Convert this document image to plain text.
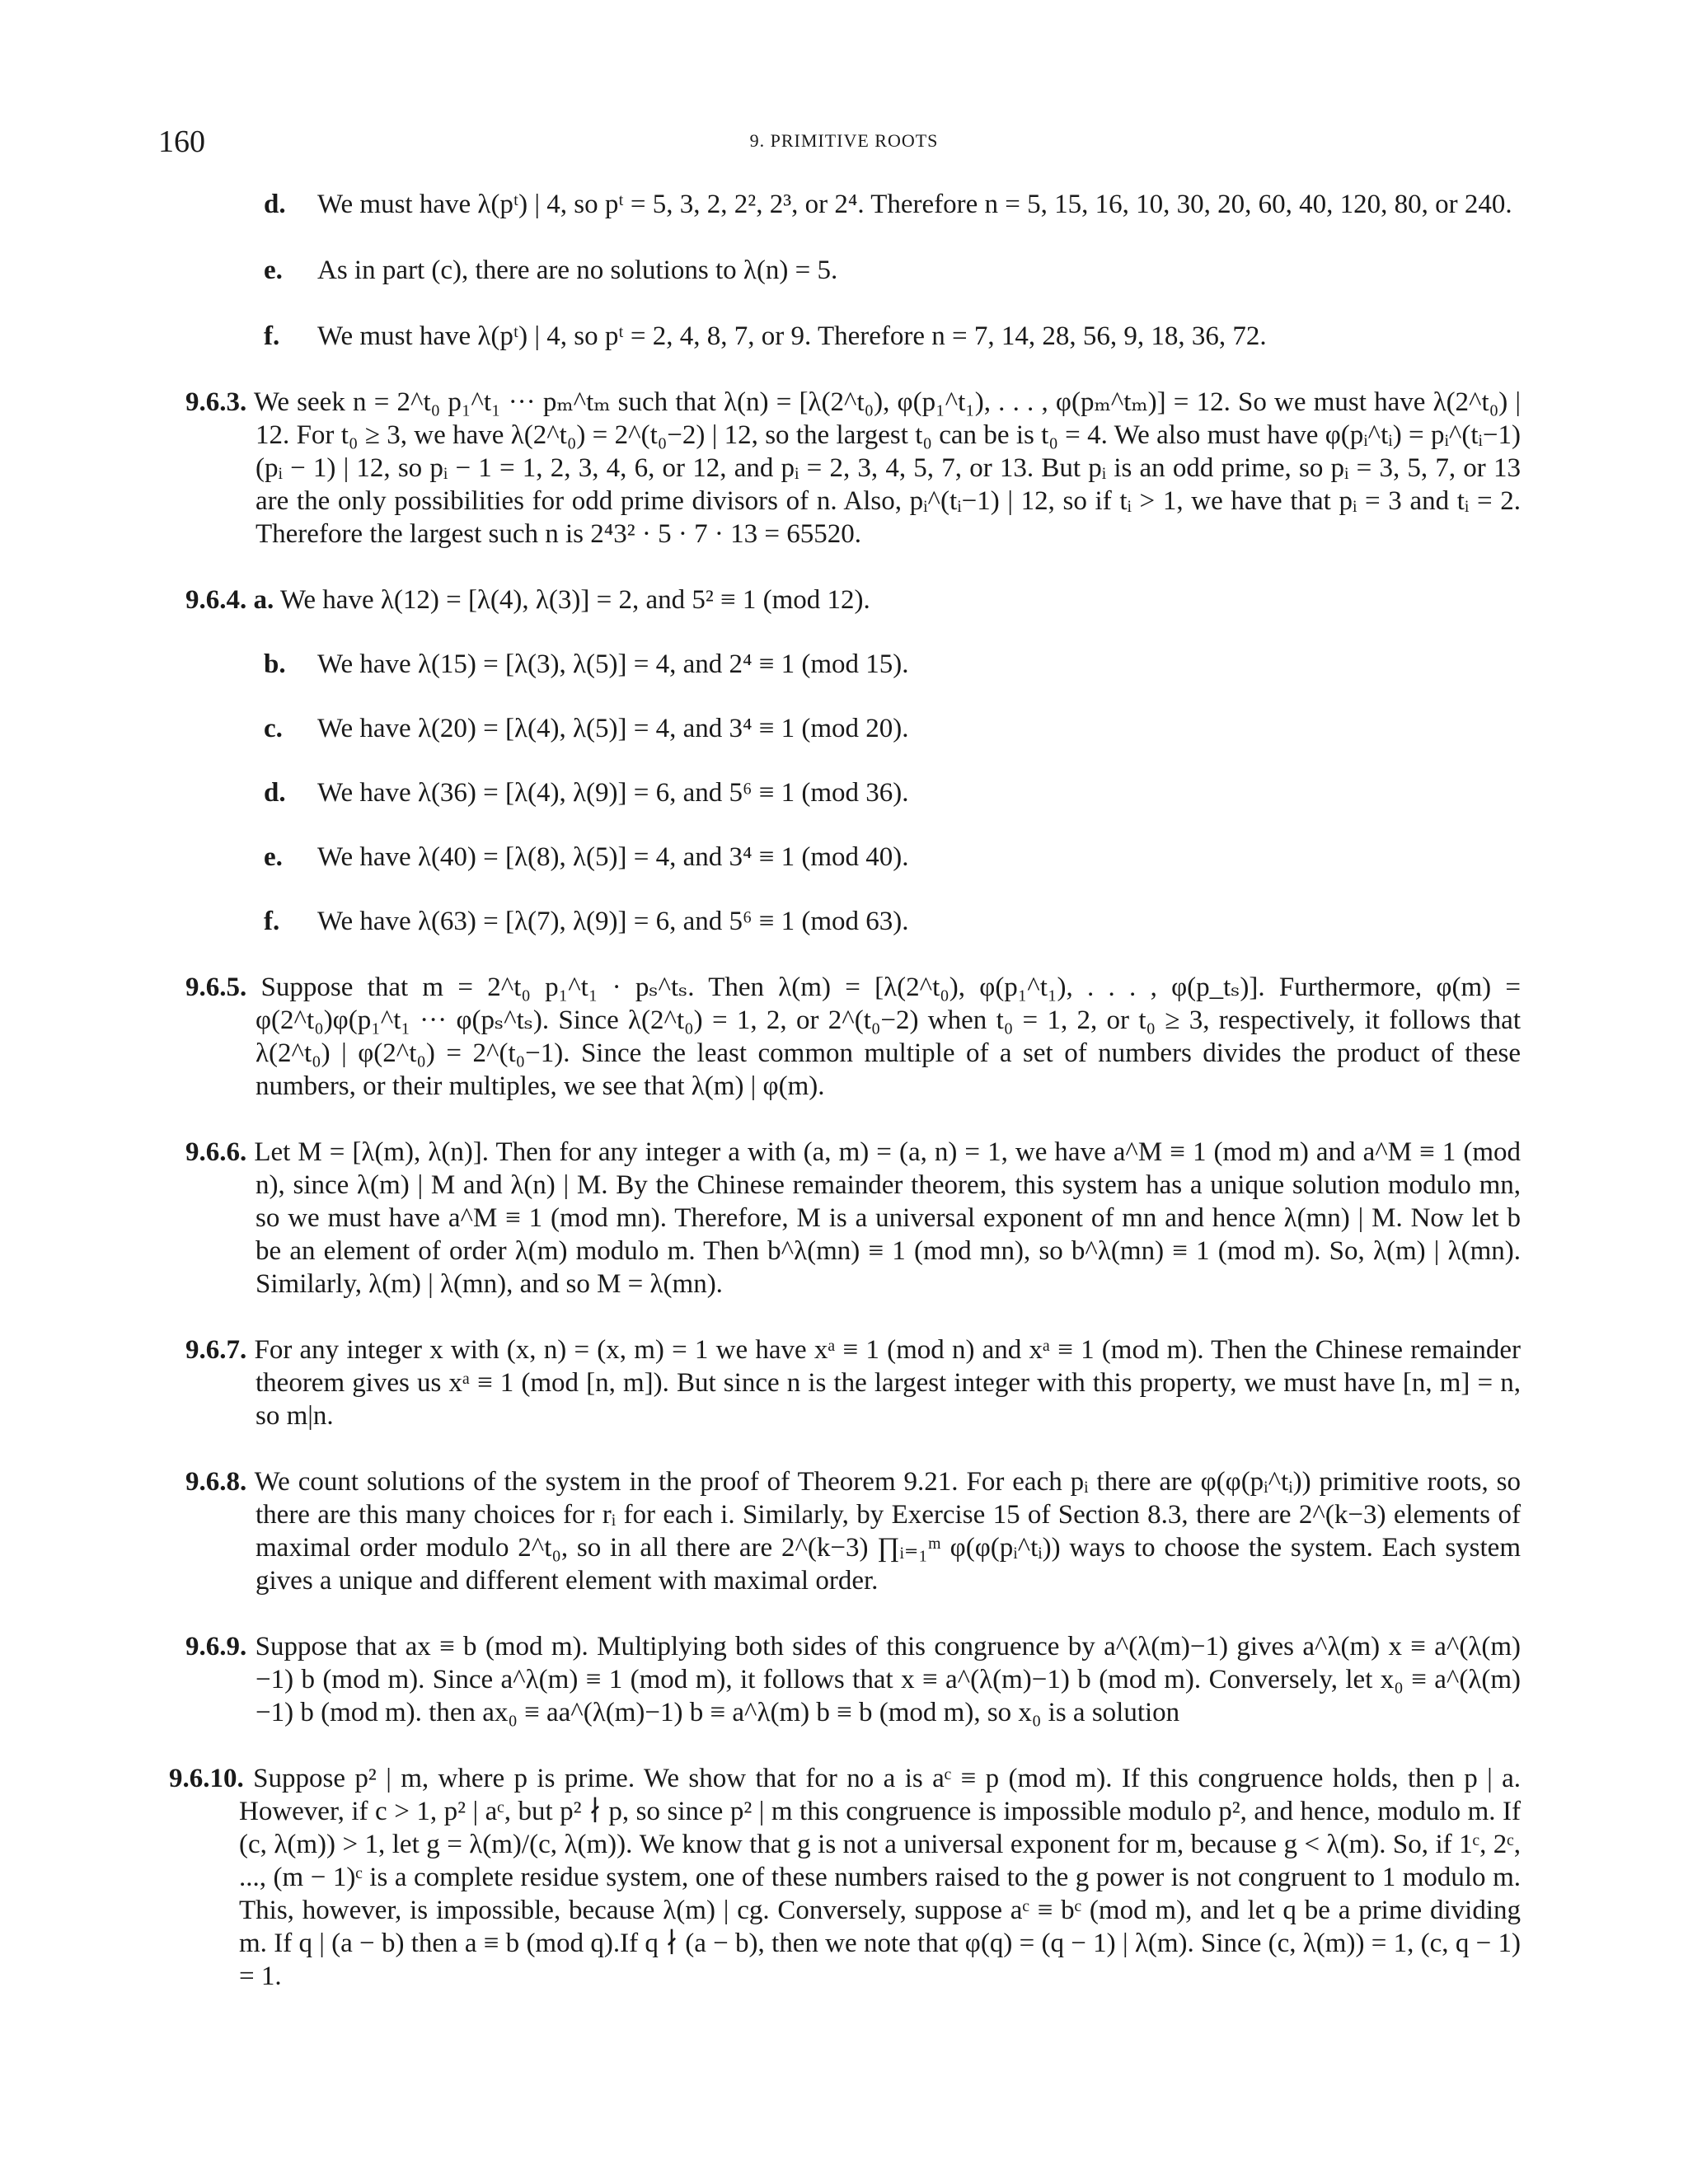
160	9. PRIMITIVE ROOTS
d. We must have λ(pᵗ) | 4, so pᵗ = 5, 3, 2, 2², 2³, or 2⁴. Therefore n = 5, 15, 16, 10, 30, 20, 60, 40, 120, 80, or 240.
e. As in part (c), there are no solutions to λ(n) = 5.
f. We must have λ(pᵗ) | 4, so pᵗ = 2, 4, 8, 7, or 9. Therefore n = 7, 14, 28, 56, 9, 18, 36, 72.
9.6.3. We seek n = 2^t₀ p₁^t₁ ··· pₘ^tₘ such that λ(n) = [λ(2^t₀), φ(p₁^t₁), . . . , φ(pₘ^tₘ)] = 12. So we must have λ(2^t₀) | 12. For t₀ ≥ 3, we have λ(2^t₀) = 2^(t₀−2) | 12, so the largest t₀ can be is t₀ = 4. We also must have φ(pᵢ^tᵢ) = pᵢ^(tᵢ−1)(pᵢ − 1) | 12, so pᵢ − 1 = 1, 2, 3, 4, 6, or 12, and pᵢ = 2, 3, 4, 5, 7, or 13. But pᵢ is an odd prime, so pᵢ = 3, 5, 7, or 13 are the only possibilities for odd prime divisors of n. Also, pᵢ^(tᵢ−1) | 12, so if tᵢ > 1, we have that pᵢ = 3 and tᵢ = 2. Therefore the largest such n is 2⁴3² · 5 · 7 · 13 = 65520.
9.6.4. a. We have λ(12) = [λ(4), λ(3)] = 2, and 5² ≡ 1 (mod 12).
b. We have λ(15) = [λ(3), λ(5)] = 4, and 2⁴ ≡ 1 (mod 15).
c. We have λ(20) = [λ(4), λ(5)] = 4, and 3⁴ ≡ 1 (mod 20).
d. We have λ(36) = [λ(4), λ(9)] = 6, and 5⁶ ≡ 1 (mod 36).
e. We have λ(40) = [λ(8), λ(5)] = 4, and 3⁴ ≡ 1 (mod 40).
f. We have λ(63) = [λ(7), λ(9)] = 6, and 5⁶ ≡ 1 (mod 63).
9.6.5. Suppose that m = 2^t₀ p₁^t₁ · pₛ^tₛ. Then λ(m) = [λ(2^t₀), φ(p₁^t₁), . . . , φ(p_tₛ)]. Furthermore, φ(m) = φ(2^t₀)φ(p₁^t₁ ··· φ(pₛ^tₛ). Since λ(2^t₀) = 1, 2, or 2^(t₀−2) when t₀ = 1, 2, or t₀ ≥ 3, respectively, it follows that λ(2^t₀) | φ(2^t₀) = 2^(t₀−1). Since the least common multiple of a set of numbers divides the product of these numbers, or their multiples, we see that λ(m) | φ(m).
9.6.6. Let M = [λ(m), λ(n)]. Then for any integer a with (a, m) = (a, n) = 1, we have a^M ≡ 1 (mod m) and a^M ≡ 1 (mod n), since λ(m) | M and λ(n) | M. By the Chinese remainder theorem, this system has a unique solution modulo mn, so we must have a^M ≡ 1 (mod mn). Therefore, M is a universal exponent of mn and hence λ(mn) | M. Now let b be an element of order λ(m) modulo m. Then b^λ(mn) ≡ 1 (mod mn), so b^λ(mn) ≡ 1 (mod m). So, λ(m) | λ(mn). Similarly, λ(m) | λ(mn), and so M = λ(mn).
9.6.7. For any integer x with (x, n) = (x, m) = 1 we have xᵃ ≡ 1 (mod n) and xᵃ ≡ 1 (mod m). Then the Chinese remainder theorem gives us xᵃ ≡ 1 (mod [n, m]). But since n is the largest integer with this property, we must have [n, m] = n, so m|n.
9.6.8. We count solutions of the system in the proof of Theorem 9.21. For each pᵢ there are φ(φ(pᵢ^tᵢ)) primitive roots, so there are this many choices for rᵢ for each i. Similarly, by Exercise 15 of Section 8.3, there are 2^(k−3) elements of maximal order modulo 2^t₀, so in all there are 2^(k−3) ∏ᵢ₌₁ᵐ φ(φ(pᵢ^tᵢ)) ways to choose the system. Each system gives a unique and different element with maximal order.
9.6.9. Suppose that ax ≡ b (mod m). Multiplying both sides of this congruence by a^(λ(m)−1) gives a^λ(m) x ≡ a^(λ(m)−1) b (mod m). Since a^λ(m) ≡ 1 (mod m), it follows that x ≡ a^(λ(m)−1) b (mod m). Conversely, let x₀ ≡ a^(λ(m)−1) b (mod m). then ax₀ ≡ aa^(λ(m)−1) b ≡ a^λ(m) b ≡ b (mod m), so x₀ is a solution
9.6.10. Suppose p² | m, where p is prime. We show that for no a is aᶜ ≡ p (mod m). If this congruence holds, then p | a. However, if c > 1, p² | aᶜ, but p² ∤ p, so since p² | m this congruence is impossible modulo p², and hence, modulo m. If (c, λ(m)) > 1, let g = λ(m)/(c, λ(m)). We know that g is not a universal exponent for m, because g < λ(m). So, if 1ᶜ, 2ᶜ, ..., (m − 1)ᶜ is a complete residue system, one of these numbers raised to the g power is not congruent to 1 modulo m. This, however, is impossible, because λ(m) | cg. Conversely, suppose aᶜ ≡ bᶜ (mod m), and let q be a prime dividing m. If q | (a − b) then a ≡ b (mod q).If q ∤ (a − b), then we note that φ(q) = (q − 1) | λ(m). Since (c, λ(m)) = 1, (c, q − 1) = 1.
